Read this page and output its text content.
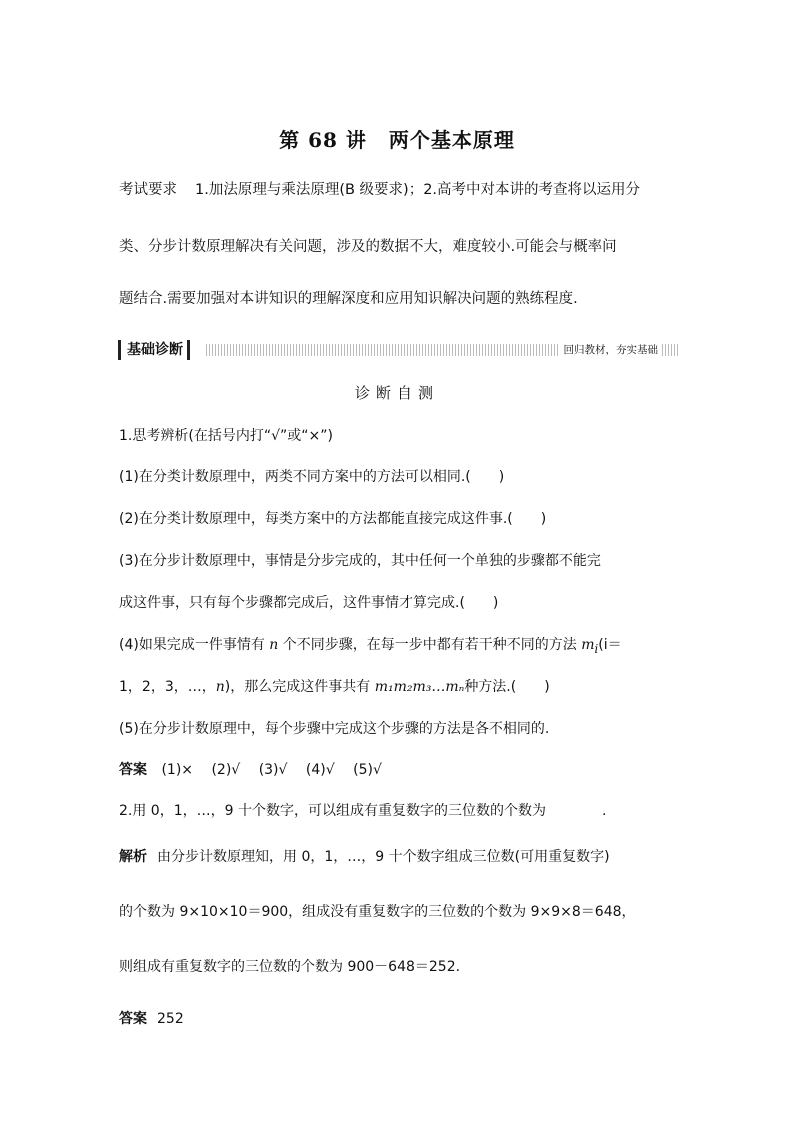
第 68 讲 两个基本原理
考试要求 1.加法原理与乘法原理(B 级要求)；2.高考中对本讲的考查将以运用分
类、分步计数原理解决有关问题，涉及的数据不大，难度较小.可能会与概率问
题结合.需要加强对本讲知识的理解深度和应用知识解决问题的熟练程度.
基础诊断	回归教材，夯实基础
诊断自测
1.思考辨析(在括号内打“√”或“×”)
(1)在分类计数原理中，两类不同方案中的方法可以相同.(　　)
(2)在分类计数原理中，每类方案中的方法都能直接完成这件事.(　　)
(3)在分步计数原理中，事情是分步完成的，其中任何一个单独的步骤都不能完
成这件事，只有每个步骤都完成后，这件事情才算完成.(　　)
(4)如果完成一件事情有 n 个不同步骤，在每一步中都有若干种不同的方法 $m_i(i=$
1，2，3，…，n)，那么完成这件事共有 m₁m₂m₃…mₙ种方法.(　　)
(5)在分步计数原理中，每个步骤中完成这个步骤的方法是各不相同的.
答案 (1)× (2)√ (3)√ (4)√ (5)√
2.用 0，1，…，9 十个数字，可以组成有重复数字的三位数的个数为	.
解析 由分步计数原理知，用 0，1，…，9 十个数字组成三位数(可用重复数字)
的个数为 9×10×10＝900，组成没有重复数字的三位数的个数为 9×9×8＝648，
则组成有重复数字的三位数的个数为 900－648＝252.
答案 252
